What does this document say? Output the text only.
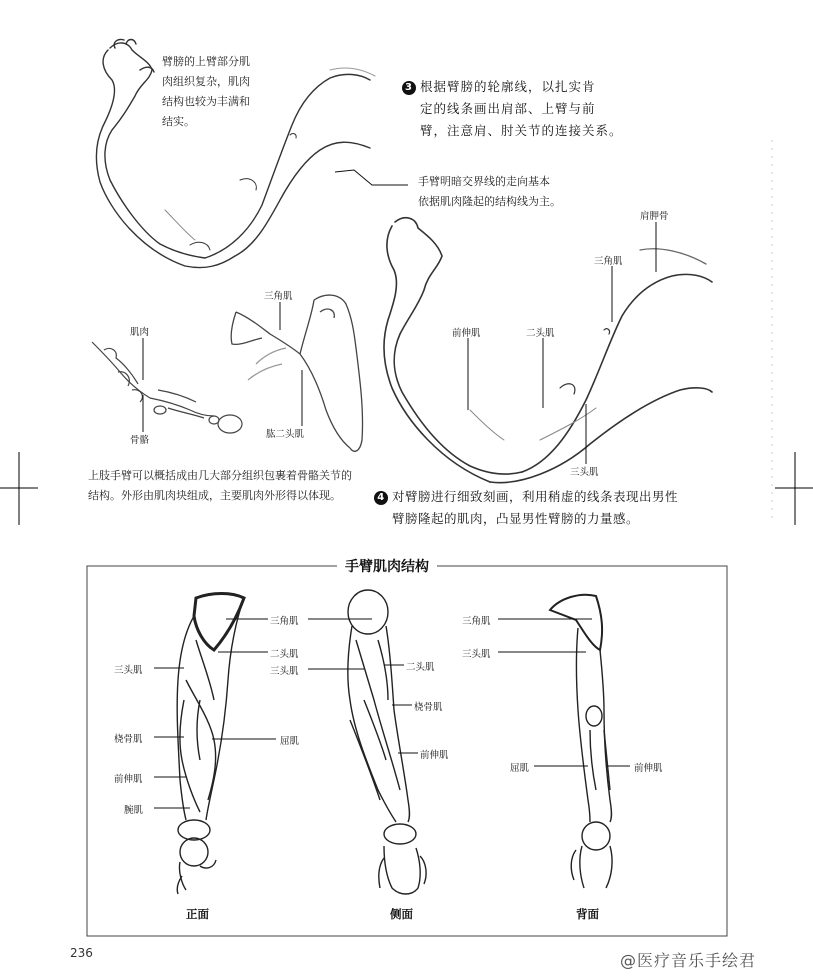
臂膀的上臂部分肌
肉组织复杂，肌肉
结构也较为丰满和
结实。
3 根据臂膀的轮廓线，以扎实肯
定的线条画出肩部、上臂与前
臂，注意肩、肘关节的连接关系。
手臂明暗交界线的走向基本
依据肌肉隆起的结构线为主。
肌肉
骨骼
三角肌
肱二头肌
肩胛骨
三角肌
前伸肌	二头肌
三头肌
上肢手臂可以概括成由几大部分组织包裹着骨骼关节的
结构。外形由肌肉块组成，主要肌肉外形得以体现。	4 对臂膀进行细致刻画，利用稍虚的线条表现出男性
臂膀隆起的肌肉，凸显男性臂膀的力量感。
手臂肌肉结构
三角肌
二头肌
三头肌
桡骨肌	屈肌
前伸肌
腕肌
正面
三头肌	二头肌
桡骨肌
前伸肌
侧面
三角肌
三头肌
屈肌	前伸肌
背面
236	@医疗音乐手绘君
